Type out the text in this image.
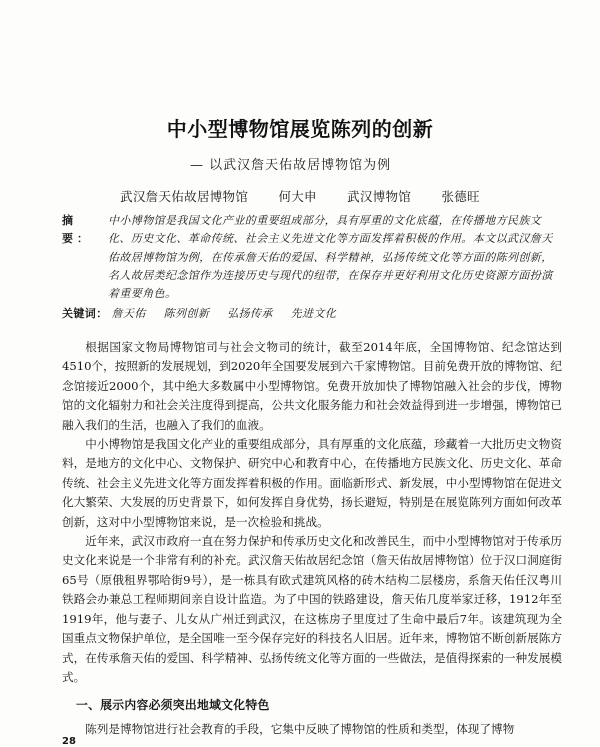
中小型博物馆展览陈列的创新
— 以武汉詹天佑故居博物馆为例
武汉詹天佑故居博物馆 何大申 武汉博物馆 张德旺
摘 要：
中小博物馆是我国文化产业的重要组成部分，具有厚重的文化底蕴，在传播地方民族文化、历史文化、革命传统、社会主义先进文化等方面发挥着积极的作用。本文以武汉詹天佑故居博物馆为例，在传承詹天佑的爱国、科学精神，弘扬传统文化等方面的陈列创新，名人故居类纪念馆作为连接历史与现代的纽带，在保存并更好利用文化历史资源方面扮演着重要角色。
关键词： 詹天佑 陈列创新 弘扬传承 先进文化

根据国家文物局博物馆司与社会文物司的统计，截至2014年底，全国博物馆、纪念馆达到4510个，按照新的发展规划，到2020年全国要发展到六千家博物馆。目前免费开放的博物馆、纪念馆接近2000个，其中绝大多数属中小型博物馆。免费开放加快了博物馆融入社会的步伐，博物馆的文化辐射力和社会关注度得到提高，公共文化服务能力和社会效益得到进一步增强，博物馆已融入我们的生活，也融入了我们的血液。

中小博物馆是我国文化产业的重要组成部分，具有厚重的文化底蕴，珍藏着一大批历史文物资料，是地方的文化中心、文物保护、研究中心和教育中心，在传播地方民族文化、历史文化、革命传统、社会主义先进文化等方面发挥着积极的作用。面临新形式、新发展，中小型博物馆在促进文化大繁荣、大发展的历史背景下，如何发挥自身优势，扬长避短，特别是在展览陈列方面如何改革创新，这对中小型博物馆来说，是一次检验和挑战。

近年来，武汉市政府一直在努力保护和传承历史文化和改善民生，而中小型博物馆对于传承历史文化来说是一个非常有利的补充。武汉詹天佑故居纪念馆（詹天佑故居博物馆）位于汉口洞庭街65号（原俄租界鄂哈街9号），是一栋具有欧式建筑风格的砖木结构二层楼房，系詹天佑任汉粤川铁路会办兼总工程师期间亲自设计监造。为了中国的铁路建设，詹天佑几度举家迁移，1912年至1919年，他与妻子、儿女从广州迁到武汉，在这栋房子里度过了生命中最后7年。该建筑现为全国重点文物保护单位，是全国唯一至今保存完好的科技名人旧居。近年来，博物馆不断创新展陈方式，在传承詹天佑的爱国、科学精神、弘扬传统文化等方面的一些做法，是值得探索的一种发展模式。

一、展示内容必须突出地域文化特色
陈列是博物馆进行社会教育的手段，它集中反映了博物馆的性质和类型，体现了博物
28
